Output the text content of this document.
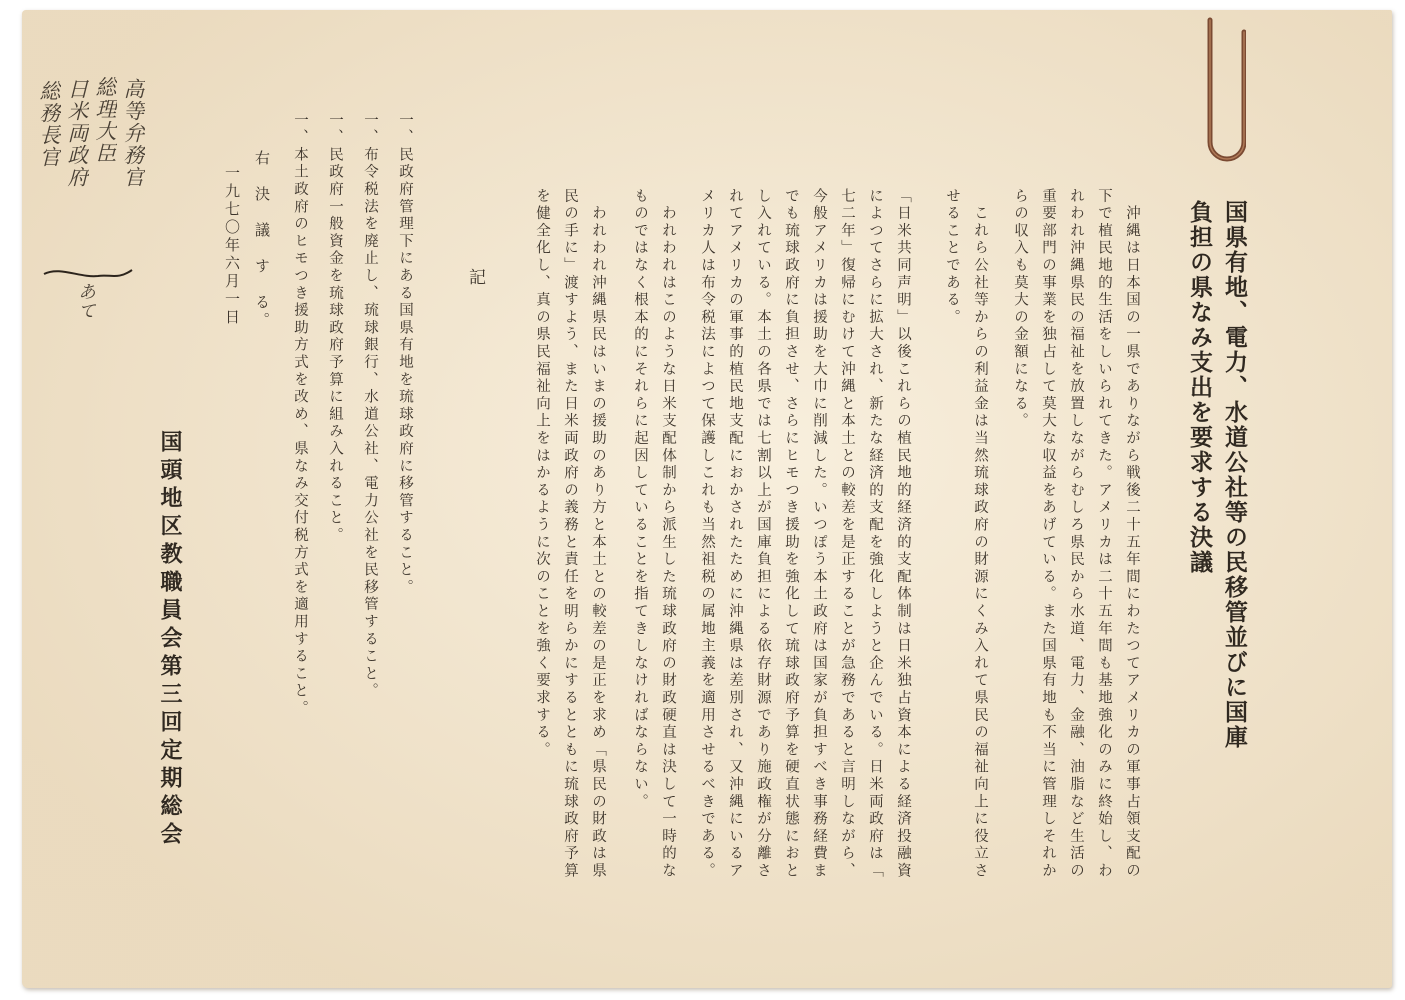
国県有地、電力、水道公社等の民移管並びに国庫
負担の県なみ支出を要求する決議
　沖縄は日本国の一県でありながら戦後二十五年間にわたつてアメリカの軍事占領支配の
下で植民地的生活をしいられてきた。アメリカは二十五年間も基地強化のみに終始し、わ
れわれ沖縄県民の福祉を放置しながらむしろ県民から水道、電力、金融、油脂など生活の
重要部門の事業を独占して莫大な収益をあげている。また国県有地も不当に管理しそれか
らの収入も莫大の金額になる。
　これら公社等からの利益金は当然琉球政府の財源にくみ入れて県民の福祉向上に役立さ
せることである。
「日米共同声明」以後これらの植民地的経済的支配体制は日米独占資本による経済投融資
によつてさらに拡大され、新たな経済的支配を強化しようと企んでいる。日米両政府は「
七二年」復帰にむけて沖縄と本土との較差を是正することが急務であると言明しながら、
今般アメリカは援助を大巾に削減した。いつぽう本土政府は国家が負担すべき事務経費ま
でも琉球政府に負担させ、さらにヒモつき援助を強化して琉球政府予算を硬直状態におと
し入れている。本土の各県では七割以上が国庫負担による依存財源であり施政権が分離さ
れてアメリカの軍事的植民地支配におかされたために沖縄県は差別され、又沖縄にいるア
メリカ人は布令税法によつて保護しこれも当然祖税の属地主義を適用させるべきである。
　われわれはこのような日米支配体制から派生した琉球政府の財政硬直は決して一時的な
ものではなく根本的にそれらに起因していることを指てきしなければならない。
　われわれ沖縄県民はいまの援助のあり方と本土との較差の是正を求め「県民の財政は県
民の手に」渡すよう、また日米両政府の義務と責任を明らかにするとともに琉球政府予算
を健全化し、真の県民福祉向上をはかるように次のことを強く要求する。
記
一、民政府管理下にある国県有地を琉球政府に移管すること。
一、布令税法を廃止し、琉球銀行、水道公社、電力公社を民移管すること。
一、民政府一般資金を琉球政府予算に組み入れること。
一、本土政府のヒモつき援助方式を改め、県なみ交付税方式を適用すること。
右　決　議　す　る。
一九七〇年六月一日
国頭地区教職員会第三回定期総会
高等弁務官
総理大臣
日米両政府
総務長官
あて
